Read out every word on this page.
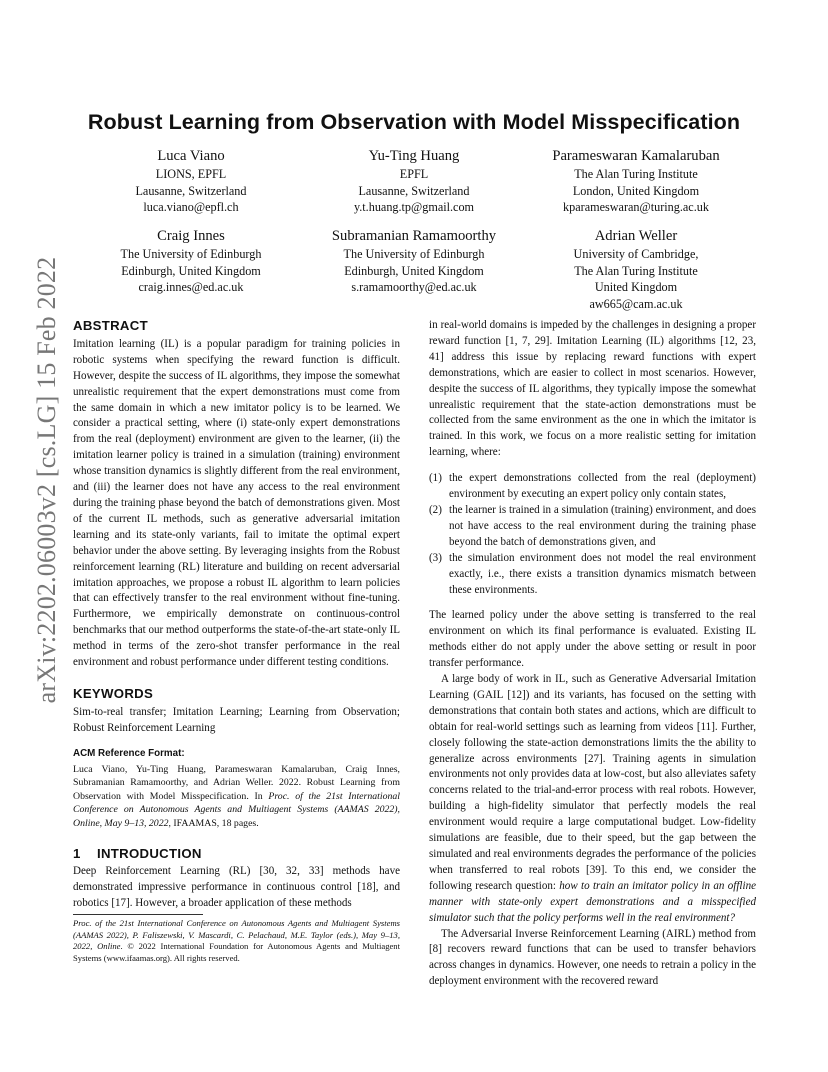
arXiv:2202.06003v2 [cs.LG] 15 Feb 2022
Robust Learning from Observation with Model Misspecification
Luca Viano
LIONS, EPFL
Lausanne, Switzerland
luca.viano@epfl.ch
Yu-Ting Huang
EPFL
Lausanne, Switzerland
y.t.huang.tp@gmail.com
Parameswaran Kamalaruban
The Alan Turing Institute
London, United Kingdom
kparameswaran@turing.ac.uk
Craig Innes
The University of Edinburgh
Edinburgh, United Kingdom
craig.innes@ed.ac.uk
Subramanian Ramamoorthy
The University of Edinburgh
Edinburgh, United Kingdom
s.ramamoorthy@ed.ac.uk
Adrian Weller
University of Cambridge,
The Alan Turing Institute
United Kingdom
aw665@cam.ac.uk
ABSTRACT

Imitation learning (IL) is a popular paradigm for training policies in robotic systems when specifying the reward function is difficult. However, despite the success of IL algorithms, they impose the somewhat unrealistic requirement that the expert demonstrations must come from the same domain in which a new imitator policy is to be learned. We consider a practical setting, where (i) state-only expert demonstrations from the real (deployment) environment are given to the learner, (ii) the imitation learner policy is trained in a simulation (training) environment whose transition dynamics is slightly different from the real environment, and (iii) the learner does not have any access to the real environment during the training phase beyond the batch of demonstrations given. Most of the current IL methods, such as generative adversarial imitation learning and its state-only variants, fail to imitate the optimal expert behavior under the above setting. By leveraging insights from the Robust reinforcement learning (RL) literature and building on recent adversarial imitation approaches, we propose a robust IL algorithm to learn policies that can effectively transfer to the real environment without fine-tuning. Furthermore, we empirically demonstrate on continuous-control benchmarks that our method outperforms the state-of-the-art state-only IL method in terms of the zero-shot transfer performance in the real environment and robust performance under different testing conditions.

KEYWORDS

Sim-to-real transfer; Imitation Learning; Learning from Observation; Robust Reinforcement Learning

ACM Reference Format:

Luca Viano, Yu-Ting Huang, Parameswaran Kamalaruban, Craig Innes, Subramanian Ramamoorthy, and Adrian Weller. 2022. Robust Learning from Observation with Model Misspecification. In Proc. of the 21st International Conference on Autonomous Agents and Multiagent Systems (AAMAS 2022), Online, May 9–13, 2022, IFAAMAS, 18 pages.

1 INTRODUCTION

Deep Reinforcement Learning (RL) [30, 32, 33] methods have demonstrated impressive performance in continuous control [18], and robotics [17]. However, a broader application of these methods

Proc. of the 21st International Conference on Autonomous Agents and Multiagent Systems (AAMAS 2022), P. Faliszewski, V. Mascardi, C. Pelachaud, M.E. Taylor (eds.), May 9–13, 2022, Online. © 2022 International Foundation for Autonomous Agents and Multiagent Systems (www.ifaamas.org). All rights reserved.

in real-world domains is impeded by the challenges in designing a proper reward function [1, 7, 29]. Imitation Learning (IL) algorithms [12, 23, 41] address this issue by replacing reward functions with expert demonstrations, which are easier to collect in most scenarios. However, despite the success of IL algorithms, they typically impose the somewhat unrealistic requirement that the state-action demonstrations must be collected from the same environment as the one in which the imitator is trained. In this work, we focus on a more realistic setting for imitation learning, where:

(1) the expert demonstrations collected from the real (deployment) environment by executing an expert policy only contain states,
(2) the learner is trained in a simulation (training) environment, and does not have access to the real environment during the training phase beyond the batch of demonstrations given, and
(3) the simulation environment does not model the real environment exactly, i.e., there exists a transition dynamics mismatch between these environments.

The learned policy under the above setting is transferred to the real environment on which its final performance is evaluated. Existing IL methods either do not apply under the above setting or result in poor transfer performance.

A large body of work in IL, such as Generative Adversarial Imitation Learning (GAIL [12]) and its variants, has focused on the setting with demonstrations that contain both states and actions, which are difficult to obtain for real-world settings such as learning from videos [11]. Further, closely following the state-action demonstrations limits the the ability to generalize across environments [27]. Training agents in simulation environments not only provides data at low-cost, but also alleviates safety concerns related to the trial-and-error process with real robots. However, building a high-fidelity simulator that perfectly models the real environment would require a large computational budget. Low-fidelity simulations are feasible, due to their speed, but the gap between the simulated and real environments degrades the performance of the policies when transferred to real robots [39]. To this end, we consider the following research question: how to train an imitator policy in an offline manner with state-only expert demonstrations and a misspecified simulator such that the policy performs well in the real environment?

The Adversarial Inverse Reinforcement Learning (AIRL) method from [8] recovers reward functions that can be used to transfer behaviors across changes in dynamics. However, one needs to retrain a policy in the deployment environment with the recovered reward
